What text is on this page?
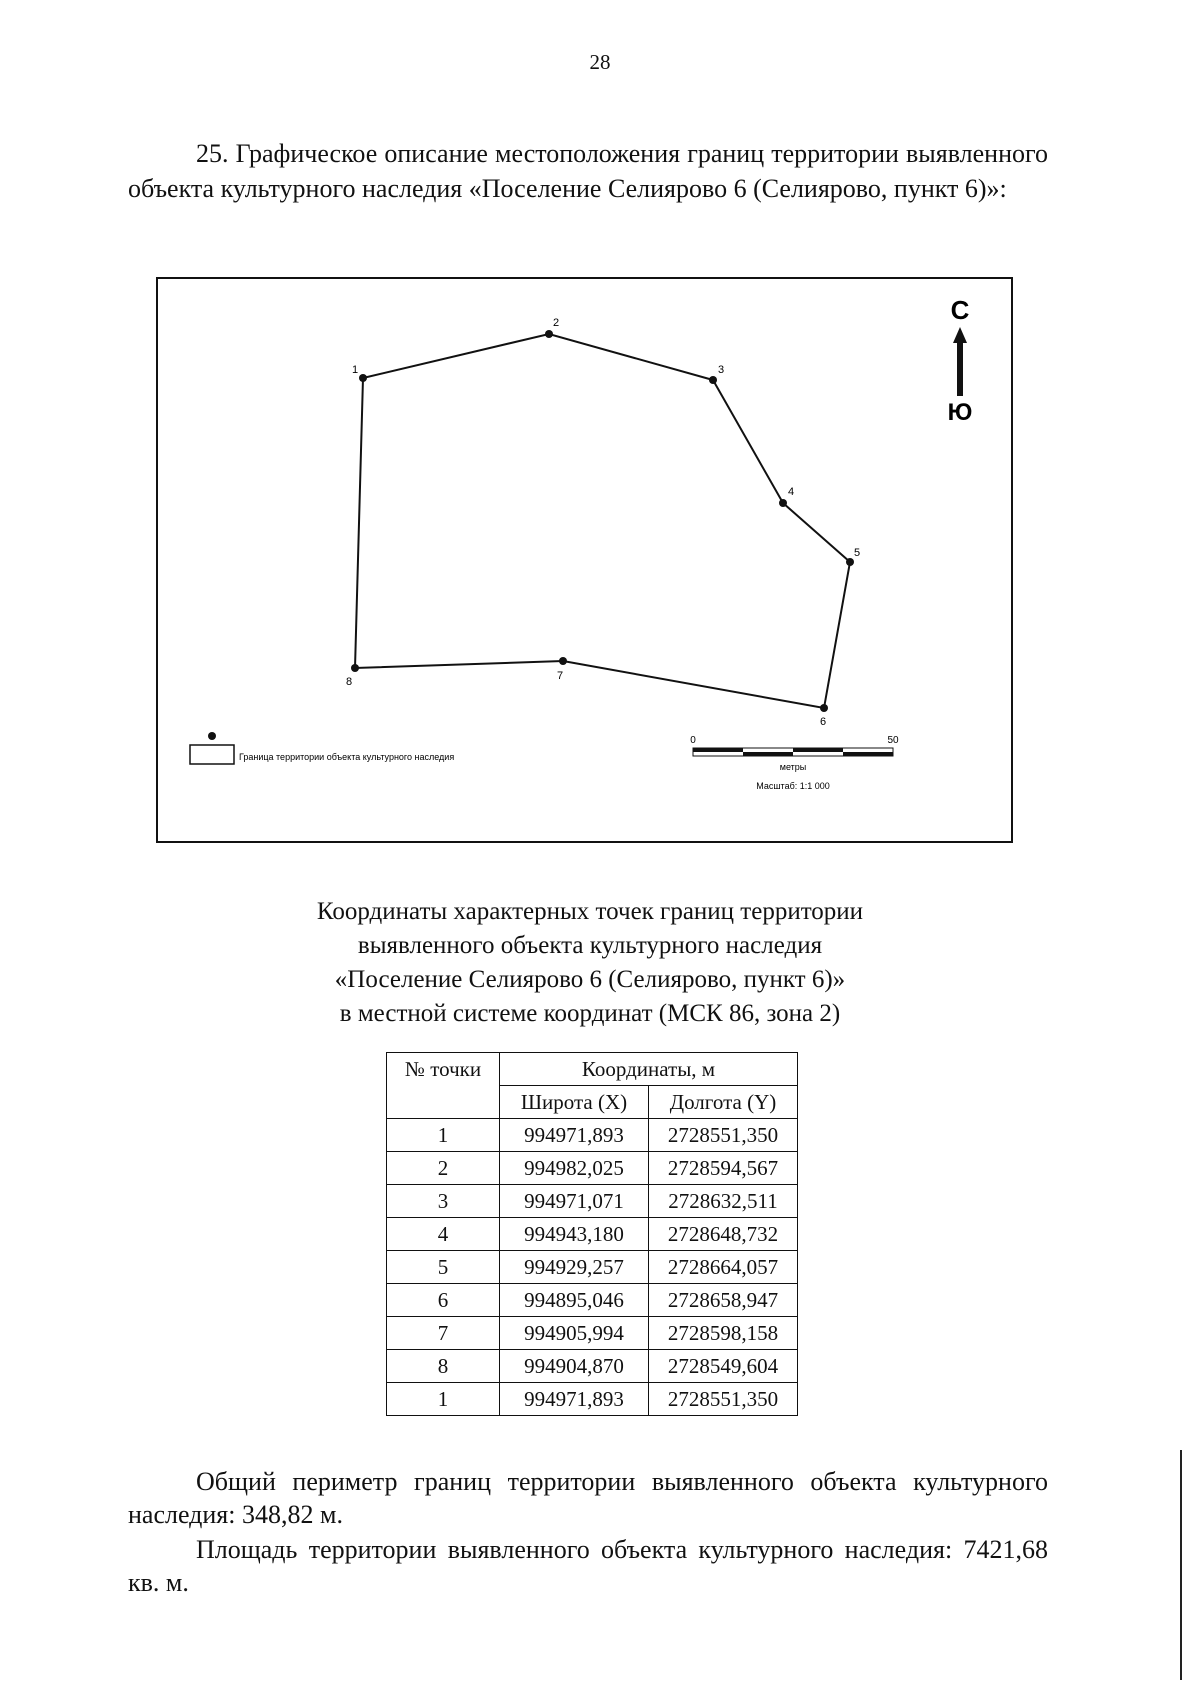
28

25. Графическое описание местоположения границ территории выявленного объекта культурного наследия «Поселение Селиярово 6 (Селиярово, пункт 6)»:

1
2
3
4
5
6
7
8
С
Ю
Граница территории объекта культурного наследия
0	50
метры
Масштаб: 1:1 000
Координаты характерных точек границ территории
выявленного объекта культурного наследия
«Поселение Селиярово 6 (Селиярово, пункт 6)»
в местной системе координат (МСК 86, зона 2)
№ точки	Координаты, м	
	Широта (X)	Долгота (Y)
1	994971,893	2728551,350
2	994982,025	2728594,567
3	994971,071	2728632,511
4	994943,180	2728648,732
5	994929,257	2728664,057
6	994895,046	2728658,947
7	994905,994	2728598,158
8	994904,870	2728549,604
1	994971,893	2728551,350

Общий периметр границ территории выявленного объекта культурного наследия: 348,82 м.

Площадь территории выявленного объекта культурного наследия: 7421,68 кв. м.
